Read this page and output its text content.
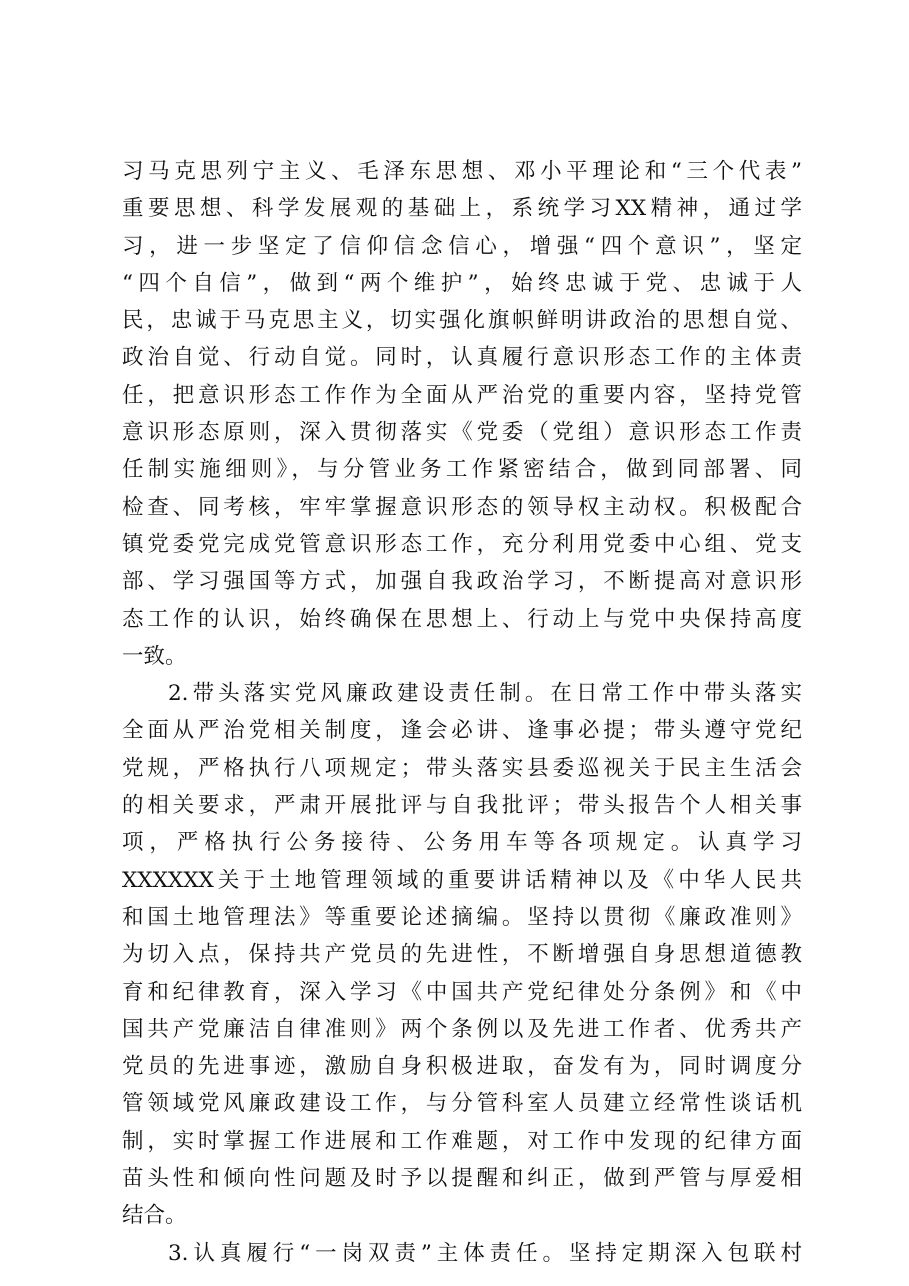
习马克思列宁主义、毛泽东思想、邓小平理论和“三个代表”
重要思想、科学发展观的基础上，系统学习XX精神，通过学
习，进一步坚定了信仰信念信心，增强“四个意识”，坚定
“四个自信”，做到“两个维护”，始终忠诚于党、忠诚于人
民，忠诚于马克思主义，切实强化旗帜鲜明讲政治的思想自觉、
政治自觉、行动自觉。同时，认真履行意识形态工作的主体责
任，把意识形态工作作为全面从严治党的重要内容，坚持党管
意识形态原则，深入贯彻落实《党委（党组）意识形态工作责
任制实施细则》，与分管业务工作紧密结合，做到同部署、同
检查、同考核，牢牢掌握意识形态的领导权主动权。积极配合
镇党委党完成党管意识形态工作，充分利用党委中心组、党支
部、学习强国等方式，加强自我政治学习，不断提高对意识形
态工作的认识，始终确保在思想上、行动上与党中央保持高度
一致。
2.带头落实党风廉政建设责任制。在日常工作中带头落实
全面从严治党相关制度，逢会必讲、逢事必提；带头遵守党纪
党规，严格执行八项规定；带头落实县委巡视关于民主生活会
的相关要求，严肃开展批评与自我批评；带头报告个人相关事
项，严格执行公务接待、公务用车等各项规定。认真学习
XXXXXX关于土地管理领域的重要讲话精神以及《中华人民共
和国土地管理法》等重要论述摘编。坚持以贯彻《廉政准则》
为切入点，保持共产党员的先进性，不断增强自身思想道德教
育和纪律教育，深入学习《中国共产党纪律处分条例》和《中
国共产党廉洁自律准则》两个条例以及先进工作者、优秀共产
党员的先进事迹，激励自身积极进取，奋发有为，同时调度分
管领域党风廉政建设工作，与分管科室人员建立经常性谈话机
制，实时掌握工作进展和工作难题，对工作中发现的纪律方面
苗头性和倾向性问题及时予以提醒和纠正，做到严管与厚爱相
结合。
3.认真履行“一岗双责”主体责任。坚持定期深入包联村
